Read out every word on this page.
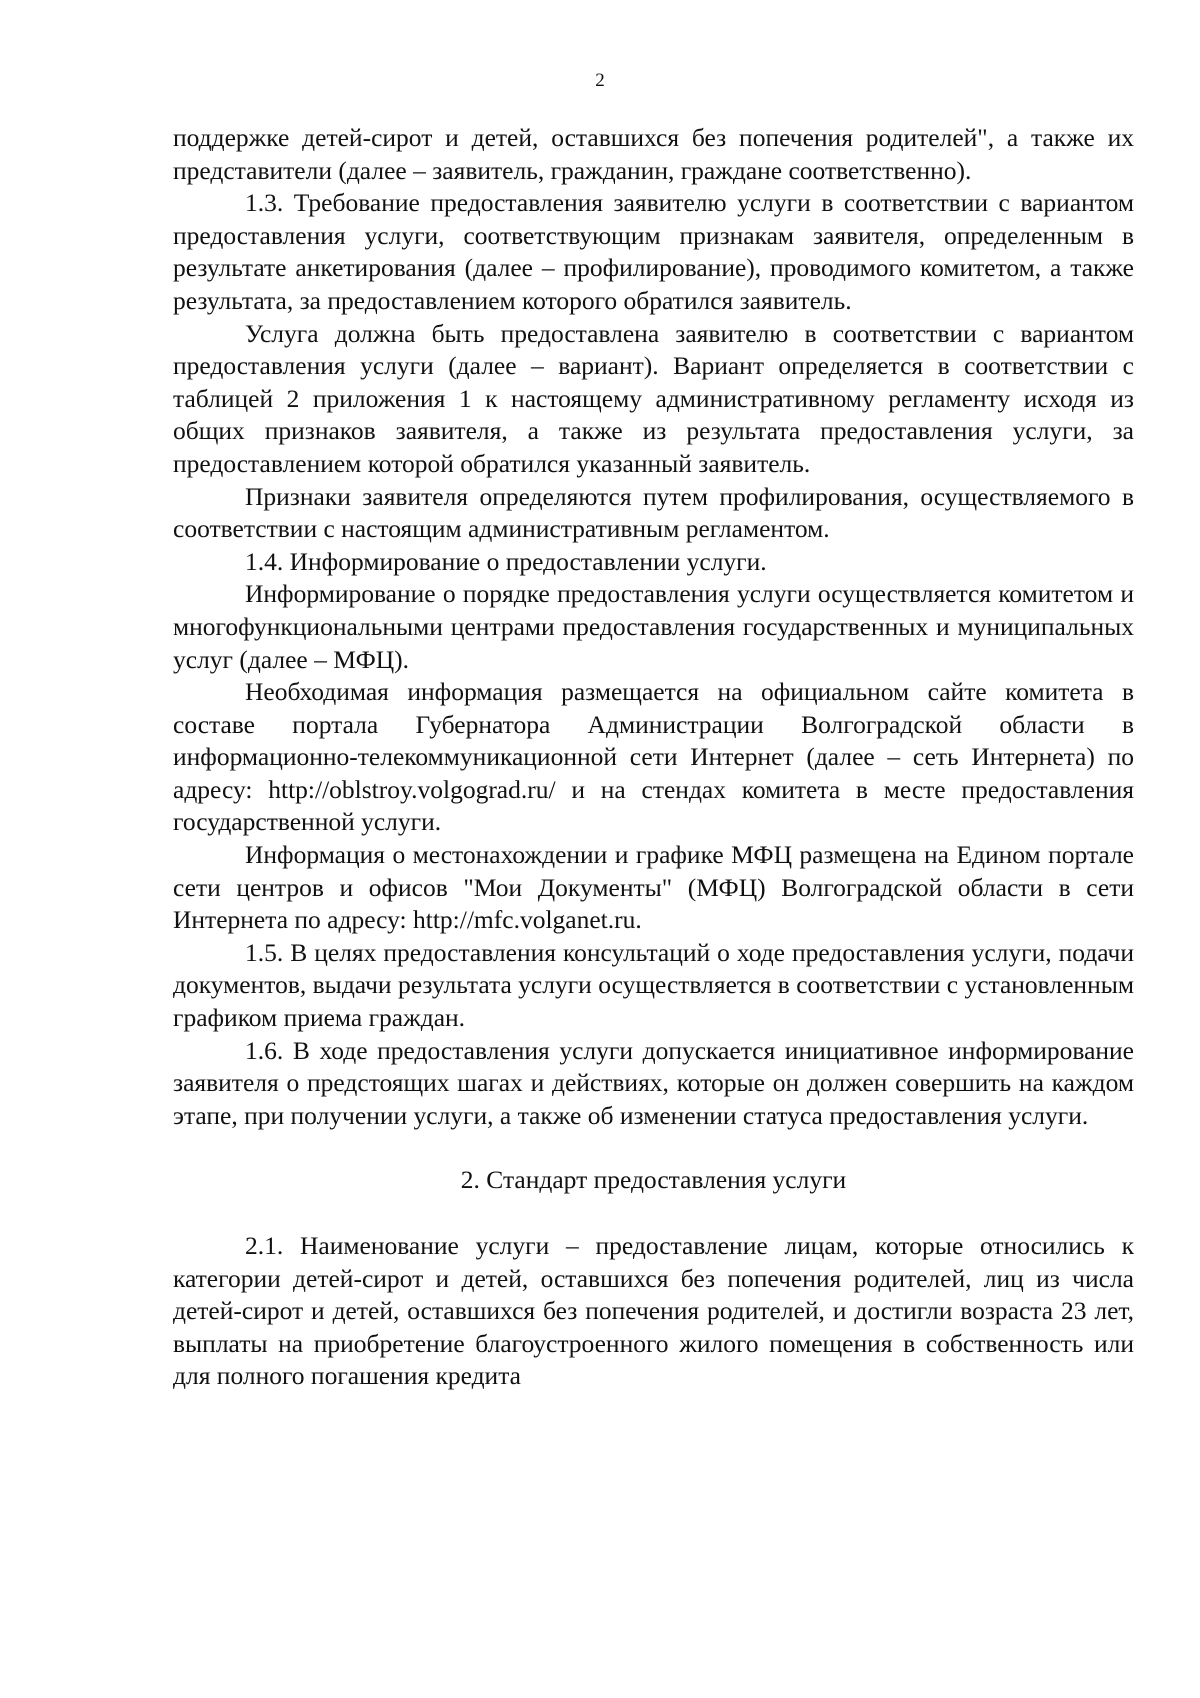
2

поддержке детей-сирот и детей, оставшихся без попечения родителей", а также их представители (далее – заявитель, гражданин, граждане соответственно).

1.3. Требование предоставления заявителю услуги в соответствии с вариантом предоставления услуги, соответствующим признакам заявителя, определенным в результате анкетирования (далее – профилирование), проводимого комитетом, а также результата, за предоставлением которого обратился заявитель.

Услуга должна быть предоставлена заявителю в соответствии с вариантом предоставления услуги (далее – вариант). Вариант определяется в соответствии с таблицей 2 приложения 1 к настоящему административному регламенту исходя из общих признаков заявителя, а также из результата предоставления услуги, за предоставлением которой обратился указанный заявитель.

Признаки заявителя определяются путем профилирования, осуществляемого в соответствии с настоящим административным регламентом.

1.4. Информирование о предоставлении услуги.

Информирование о порядке предоставления услуги осуществляется комитетом и многофункциональными центрами предоставления государственных и муниципальных услуг (далее – МФЦ).

Необходимая информация размещается на официальном сайте комитета в составе портала Губернатора Администрации Волгоградской области в информационно-телекоммуникационной сети Интернет (далее – сеть Интернета) по адресу: http://oblstroy.volgograd.ru/ и на стендах комитета в месте предоставления государственной услуги.

Информация о местонахождении и графике МФЦ размещена на Едином портале сети центров и офисов "Мои Документы" (МФЦ) Волгоградской области в сети Интернета по адресу: http://mfc.volganet.ru.

1.5. В целях предоставления консультаций о ходе предоставления услуги, подачи документов, выдачи результата услуги осуществляется в соответствии с установленным графиком приема граждан.

1.6. В ходе предоставления услуги допускается инициативное информирование заявителя о предстоящих шагах и действиях, которые он должен совершить на каждом этапе, при получении услуги, а также об изменении статуса предоставления услуги.

2. Стандарт предоставления услуги

2.1. Наименование услуги – предоставление лицам, которые относились к категории детей-сирот и детей, оставшихся без попечения родителей, лиц из числа детей-сирот и детей, оставшихся без попечения родителей, и достигли возраста 23 лет, выплаты на приобретение благоустроенного жилого помещения в собственность или для полного погашения кредита
